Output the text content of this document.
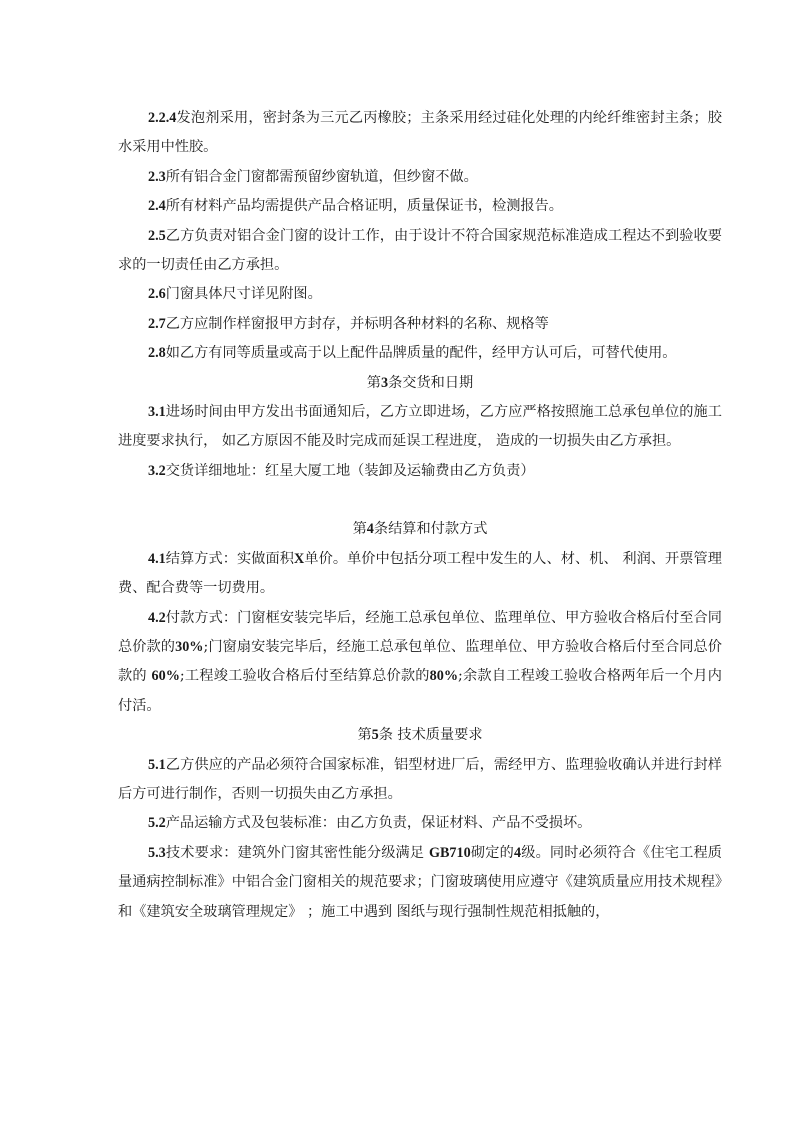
2.2.4发泡剂采用，密封条为三元乙丙橡胶；主条采用经过硅化处理的内纶纤维密封主条；胶水采用中性胶。

2.3所有铝合金门窗都需预留纱窗轨道，但纱窗不做。

2.4所有材料产品均需提供产品合格证明，质量保证书，检测报告。

2.5乙方负责对铝合金门窗的设计工作，由于设计不符合国家规范标准造成工程达不到验收要求的一切责任由乙方承担。

2.6门窗具体尺寸详见附图。

2.7乙方应制作样窗报甲方封存，并标明各种材料的名称、规格等

2.8如乙方有同等质量或高于以上配件品牌质量的配件，经甲方认可后，可替代使用。

第3条交货和日期

3.1进场时间由甲方发出书面通知后，乙方立即进场，乙方应严格按照施工总承包单位的施工进度要求执行， 如乙方原因不能及时完成而延误工程进度， 造成的一切损失由乙方承担。

3.2交货详细地址：红星大厦工地（装卸及运输费由乙方负责）

第4条结算和付款方式

4.1结算方式：实做面积X单价。单价中包括分项工程中发生的人、材、机、 利润、开票管理费、配合费等一切费用。

4.2付款方式：门窗框安装完毕后，经施工总承包单位、监理单位、甲方验收合格后付至合同总价款的30%;门窗扇安装完毕后，经施工总承包单位、监理单位、甲方验收合格后付至合同总价款的 60%;工程竣工验收合格后付至结算总价款的80%;余款自工程竣工验收合格两年后一个月内付活。

第5条 技术质量要求

5.1乙方供应的产品必须符合国家标准，铝型材进厂后，需经甲方、监理验收确认并进行封样后方可进行制作，否则一切损失由乙方承担。

5.2产品运输方式及包装标准：由乙方负责，保证材料、产品不受损坏。

5.3技术要求：建筑外门窗其密性能分级满足 GB710砌定的4级。同时必须符合《住宅工程质量通病控制标准》中铝合金门窗相关的规范要求；门窗玻璃使用应遵守《建筑质量应用技术规程》和《建筑安全玻璃管理规定》 ；施工中遇到 图纸与现行强制性规范相抵触的，
